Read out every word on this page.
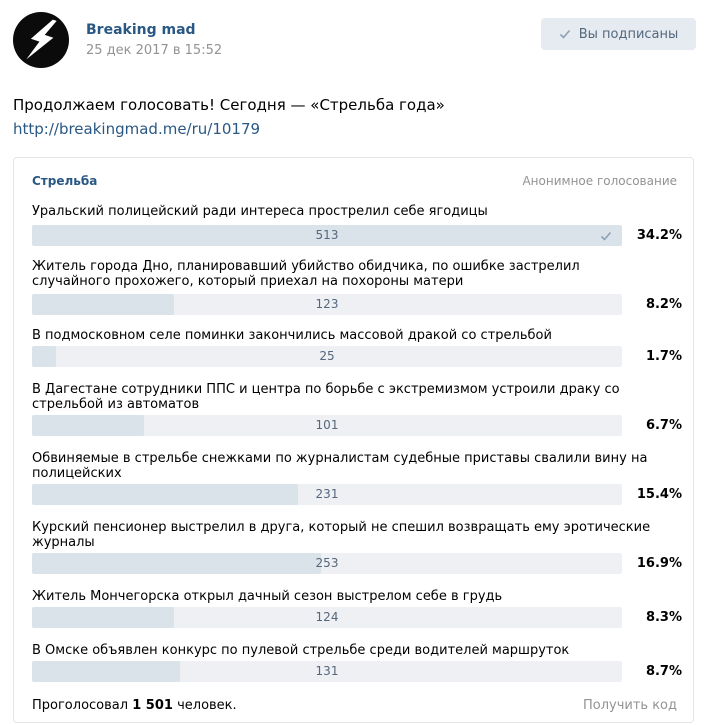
Breaking mad
25 дек 2017 в 15:52
Вы подписаны
Продолжаем голосовать! Сегодня — «Стрельба года»
http://breakingmad.me/ru/10179
Стрельба	Анонимное голосование
Уральский полицейский ради интереса прострелил себе ягодицы
513	34.2%
Житель города Дно, планировавший убийство обидчика, по ошибке застрелил случайного прохожего, который приехал на похороны матери
123	8.2%
В подмосковном селе поминки закончились массовой дракой со стрельбой
25	1.7%
В Дагестане сотрудники ППС и центра по борьбе с экстремизмом устроили драку со стрельбой из автоматов
101	6.7%
Обвиняемые в стрельбе снежками по журналистам судебные приставы свалили вину на полицейских
231	15.4%
Курский пенсионер выстрелил в друга, который не спешил возвращать ему эротические журналы
253	16.9%
Житель Мончегорска открыл дачный сезон выстрелом себе в грудь
124	8.3%
В Омске объявлен конкурс по пулевой стрельбе среди водителей маршруток
131	8.7%
Проголосовал 1 501 человек.	Получить код
